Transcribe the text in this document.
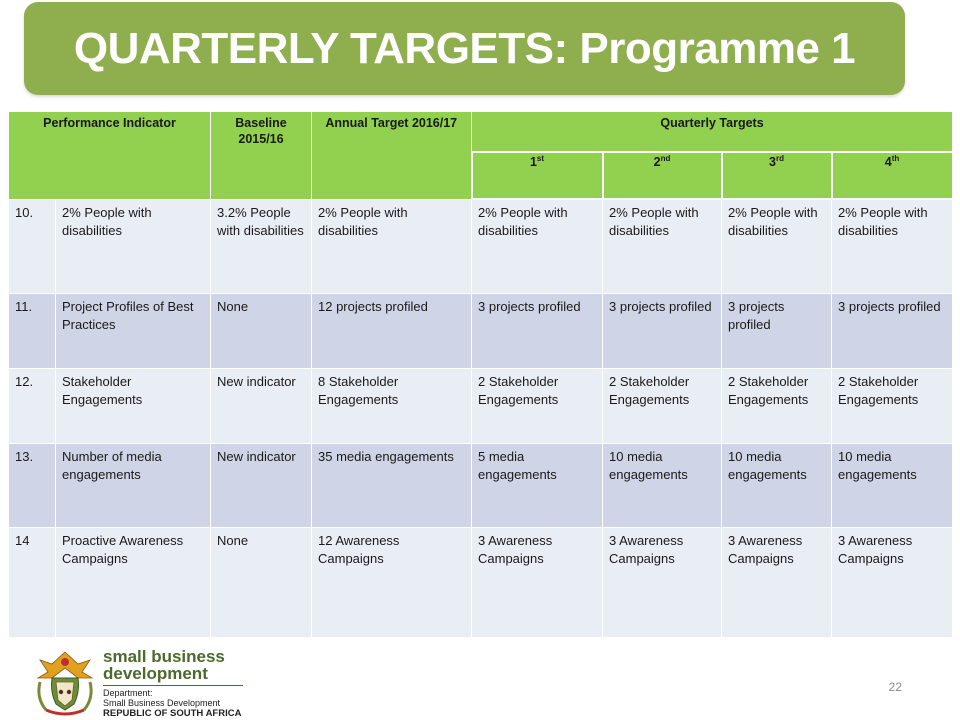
QUARTERLY TARGETS: Programme 1
Performance Indicator		Baseline 2015/16	Annual Target 2016/17	Quarterly Targets			
				1st	2nd	3rd	4th
10.	2% People with disabilities	3.2% People with disabilities	2% People with disabilities	2% People with disabilities	2% People with disabilities	2% People with disabilities	2% People with disabilities
11.	Project Profiles of Best Practices	None	12 projects profiled	3 projects profiled	3 projects profiled	3 projects profiled	3 projects profiled
12.	Stakeholder Engagements	New indicator	8 Stakeholder Engagements	2 Stakeholder Engagements	2 Stakeholder Engagements	2 Stakeholder Engagements	2 Stakeholder Engagements
13.	Number of media engagements	New indicator	35 media engagements	5 media engagements	10 media engagements	10 media engagements	10 media engagements
14	Proactive Awareness Campaigns	None	12 Awareness Campaigns	3 Awareness Campaigns	3 Awareness Campaigns	3 Awareness Campaigns	3 Awareness Campaigns
small business
development
Department:
Small Business Development
REPUBLIC OF SOUTH AFRICA
22
